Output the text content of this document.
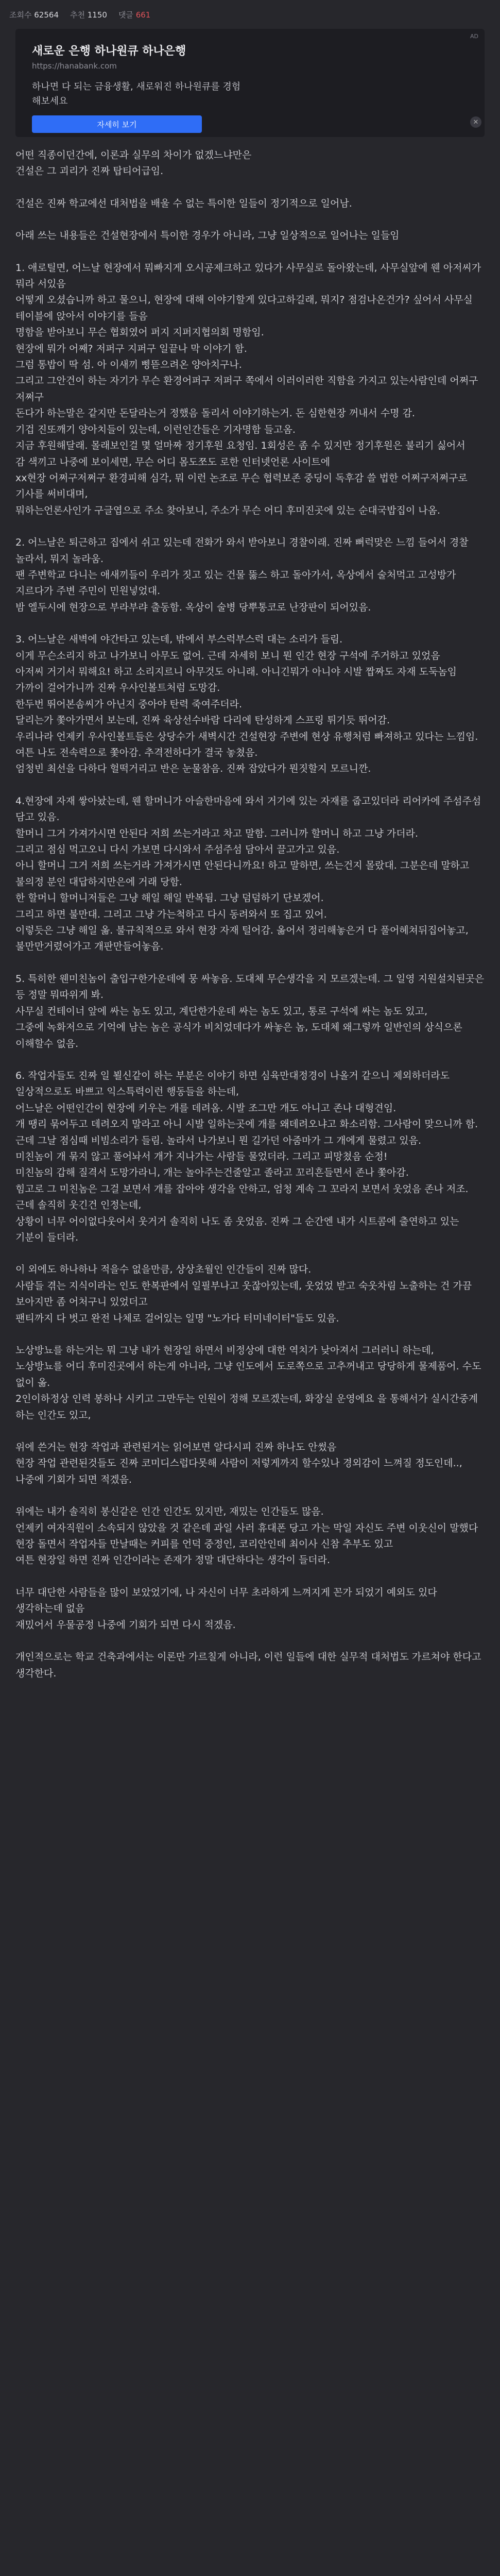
조회수 62564 추천 1150 댓글 661
AD
새로운 은행 하나원큐 하나은행
https://hanabank.com
하나면 다 되는 금융생활, 새로워진 하나원큐를 경험해보세요
자세히 보기	✕

어떤 직종이던간에, 이론과 실무의 차이가 없겠느냐만은
건설은 그 괴리가 진짜 탑티어급임.

건설은 진짜 학교에선 대처법을 배울 수 없는 특이한 일들이 정기적으로 일어남.

아래 쓰는 내용들은 건설현장에서 특이한 경우가 아니라, 그냥 일상적으로 일어나는 일들임

1. 애로틸면, 어느날 현장에서 뭐빠지게 오시공제크하고 있다가 사무실로 돌아왔는데, 사무실앞에 웬 아저씨가 뭐라 서있음
어떻게 오셨습니까 하고 물으니, 현장에 대해 이야기할게 있다고하길래, 뭐지? 점검나온건가? 싶어서 사무실 테이블에 앉아서 이야기를 들음
명함을 받아보니 무슨 협회였어 퍼지 지퍼지협의회 명함임.
현장에 뭐가 어째? 저퍼구 지퍼구 일끝나 막 이야기 함.
그럼 통밥이 딱 섬. 아 이새끼 삥뜯으려온 양아치구나.
그리고 그안건이 하는 자기가 무슨 환경어퍼구 저퍼구 쪽에서 이러이러한 직함을 가지고 있는사람인데 어쩌구 저쩌구
돈다가 하는말은 같지만 돈달라는거 정했음 돌리서 이야기하는거. 돈 심한현장 꺼내서 수명 감.
기겁 진또깨기 양아치들이 있는데, 이런인간들은 기자명함 들고옴.
지금 후원해달래. 몰래보인걸 몇 얼마짜 정기후원 요청임. 1회성은 좀 수 있지만 정기후원은 불리기 싫어서
감 색끼고 나중에 보이세면, 무슨 어디 몸도쪼도 로한 인터넷언론 사이트에
xx현장 어쩌구저쩌구 환경피해 심각, 뭐 이런 논조로 무슨 협력보존 중딩이 독후감 쓸 법한 어쩌구저쩌구로 기사를 써비대며,
뭐하는언론사인가 구글엽으로 주소 찾아보니, 주소가 무슨 어디 후미진곳에 있는 순대국밥집이 나옴.

2. 어느날은 퇴근하고 집에서 쉬고 있는데 전화가 와서 받아보니 경찰이래. 진짜 뻐럭맞은 느낌 들어서 경찰 놀라서, 뭐지 놀라움.
팬 주변학교 다니는 애새끼들이 우리가 짓고 있는 건물 뚫스 하고 돌아가서, 옥상에서 술처먹고 고성방가 지르다가 주변 주민이 민원넣었대.
밤 엘두시에 현장으로 부라부랴 출동함. 옥상이 술병 당뿌통코로 난장판이 되어있음.

3. 어느날은 새벽에 야간타고 있는데, 밖에서 부스럭부스럭 대는 소리가 들림.
이게 무슨소리지 하고 나가보니 아무도 없어. 근데 자세히 보니 뭔 인간 현장 구석에 주거하고 있었음
아저씨 거기서 뭐해요! 하고 소리지르니 아무것도 아니래. 아니긴뭐가 아니야 시발 짭짜도 자재 도둑놈임
가까이 걸어가니까 진짜 우사인볼트처럼 도망감.
한두번 뛰어본솜씨가 아닌지 중아야 탄력 죽여주더라.
달리는가 쫓아가면서 보는데, 진짜 육상선수바람 다리에 탄성하게 스프링 튀기듯 뛰어감.
우리나라 언제키 우사인볼트들은 상당수가 새벽시간 건설현장 주변에 현상 유행처럼 빠져하고 있다는 느낌임.
여튼 나도 전속력으로 쫓아감. 추격전하다가 결국 놓쳤음.
엄청빈 최선을 다하다 헐떡거리고 반은 눈물참음. 진짜 잡았다가 뭔짓할지 모르니깐.

4.현장에 자재 쌓아놨는데, 웬 할머니가 아슬한마음에 와서 거기에 있는 자재를 줍고있더라 리어카에 주섬주섬 담고 있음.
할머니 그거 가져가시면 안된다 저희 쓰는거라고 차고 말함. 그러니까 할머니 하고 그냥 가더라.
그리고 점심 먹고오니 다시 가보면 다시와서 주섬주섬 담아서 끌고가고 있음.
아니 할머니 그거 저희 쓰는거라 가져가시면 안된다니까요! 하고 말하면, 쓰는건지 몰랐대. 그분은데 말하고 불의정 분인 대답하지만은에 거래 당함.
한 할머니 할머니저들은 그냥 해일 해일 반복됨. 그냥 덤덤하기 단보겠어.
그리고 하면 불만대. 그리고 그냥 가는척하고 다시 동려와서 또 집고 있어.
이렇듯은 그냥 해일 옮. 불규칙적으로 와서 현장 자재 털어감. 옮어서 정리해놓은거 다 풀어헤쳐뒤집어놓고, 불만만거렸어가고 개판만들어놓음.

5. 특히한 웬미친놈이 출입구한가운데에 뭉 싸놓음. 도대체 무슨생각을 지 모르겠는데. 그 일영 지원설치된곳은 등 정말 뭐따위게 봐.
사무실 컨테이너 앞에 싸는 놈도 있고, 계단한가운데 싸는 놈도 있고, 통로 구석에 싸는 놈도 있고,
그중에 녹화저으로 기억에 남는 놈은 공식가 비치었데다가 싸놓은 놈, 도대체 왜그렇까 일반인의 상식으론 이해할수 없음.

6. 작업자들도 진짜 일 뵐신같이 하는 부분은 이야기 하면 심육만대정경이 나올거 같으니 제외하더라도
일상적으로도 바쁘고 익스특력이런 행동들을 하는데,
어느날은 어떤인간이 현장에 키우는 개를 데려옴. 시발 조그만 개도 아니고 존나 대형견임.
개 땡리 묶어두고 데려오지 말라고 아니 시발 일하는곳에 개를 왜데려오냐고 화소리함. 그사람이 맞으니까 함.
근데 그날 점심때 비빔소리가 들림. 놀라서 나가보니 뭔 길가던 아줌마가 그 개에게 물렸고 있음.
미친놈이 개 묶지 않고 풀어놔서 개가 지나가는 사람들 물었더라. 그리고 피망쳤음 순정!
미친놈의 갑해 질격서 도망가라니, 개는 놀아주는건줄알고 졸라고 꼬리흔들면서 존나 쫓아감.
힘고로 그 미친놈은 그걸 보면서 개를 잡아야 생각을 안하고, 엄청 계속 그 꼬라지 보면서 웃었음 존나 저조.
근데 솔직히 웃긴건 인정는데,
상황이 너무 어이없다웃어서 웃거거 솔직히 나도 좀 웃었음. 진짜 그 순간엔 내가 시트콤에 출연하고 있는 기분이 들더라.

이 외에도 하나하나 적을수 없을만큼, 상상초월인 인간들이 진짜 많다.
사람들 겪는 지식이라는 인도 한복판에서 일필부나고 웃잖아있는데, 웃었었 받고 숙웃차림 노출하는 건 가끔 보아지만 좀 어처구니 있었더고
팬티까지 다 벗고 완전 나체로 걸어있는 일명 "노가다 터미네이터"들도 있음.

노상방뇨를 하는거는 뭐 그냥 내가 현장일 하면서 비정상에 대한 역치가 낮아져서 그러러니 하는데,
노상방뇨를 어디 후미진곳에서 하는게 아니라, 그냥 인도에서 도로쪽으로 고추꺼내고 당당하게 물제품어. 수도 없이 옮.
2인이하정상 인력 봉하나 시키고 그만두는 인원이 정해 모르겠는데, 화장실 운영에요 을 통해서가 실시간중계 하는 인간도 있고,

위에 쓴거는 현장 작업과 관련된거는 읽어보면 알다시피 진짜 하나도 안썼음
현장 작업 관련된것들도 진짜 코미디스럽다못해 사람이 저렇게까지 할수있나 경외감이 느껴질 정도인데.., 나중에 기회가 되면 적겠음.

위에는 내가 솔직히 봉신같은 인간 인간도 있지만, 재밌는 인간들도 많음.
언제키 여자직원이 소속되지 않았을 것 같은데 과일 사러 휴대폰 당고 가는 막일 자신도 주변 이웃신이 말했다
현장 돌면서 작업자들 만날때는 커피를 언덕 중정인, 코리안인데 최이사 신참 추부도 있고
여튼 현장일 하면 진짜 인간이라는 존재가 정말 대단하다는 생각이 들더라.

너무 대단한 사람들을 많이 보았었기에, 나 자신이 너무 초라하게 느껴지게 꼰가 되었기 예외도 있다 생각하는데 없음
재밌어서 우물공정 나중에 기회가 되면 다시 적겠음.

개인적으로는 학교 건축과에서는 이론만 가르칠게 아니라, 이런 일들에 대한 실무적 대처법도 가르쳐야 한다고 생각한다.
